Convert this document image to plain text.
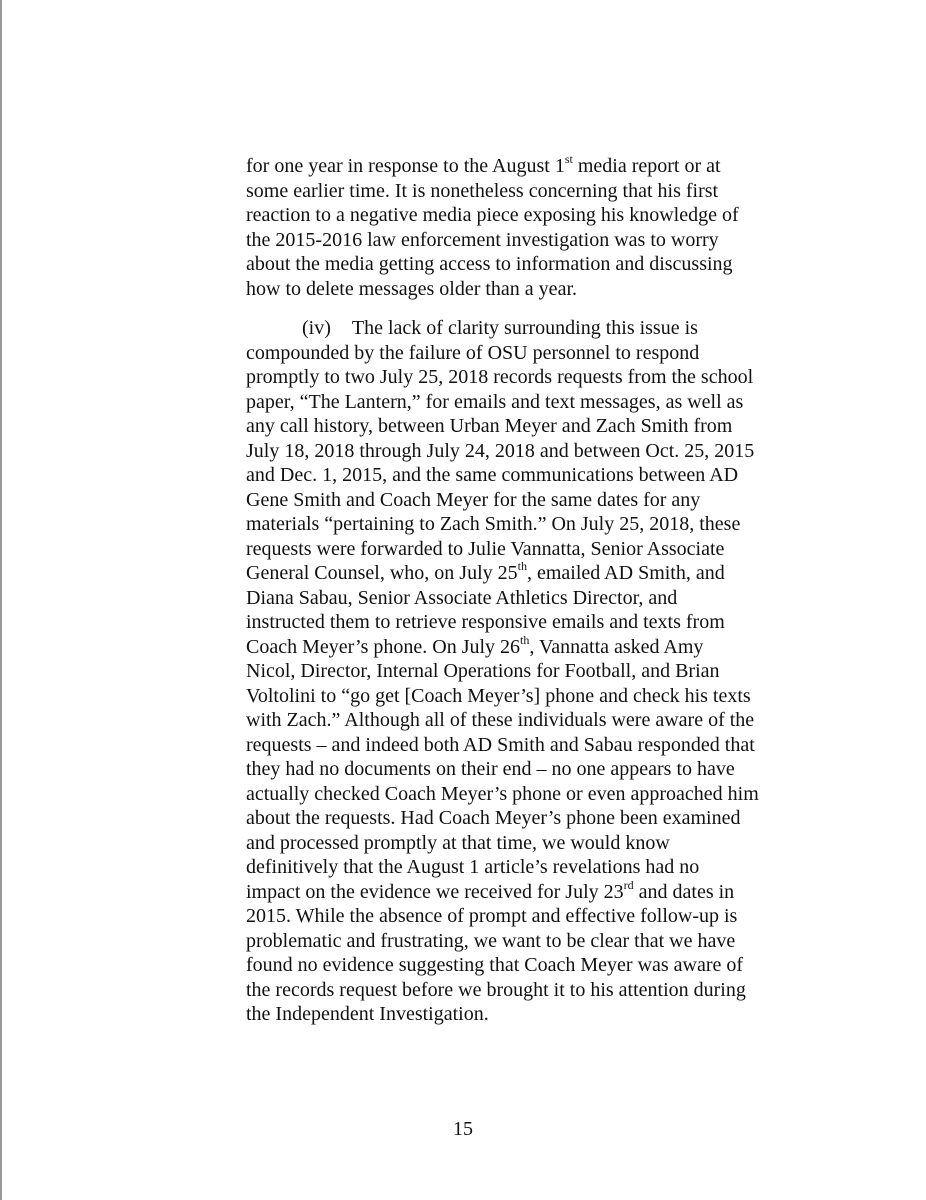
for one year in response to the August 1st media report or at
some earlier time. It is nonetheless concerning that his first
reaction to a negative media piece exposing his knowledge of
the 2015-2016 law enforcement investigation was to worry
about the media getting access to information and discussing
how to delete messages older than a year.
(iv) The lack of clarity surrounding this issue is
compounded by the failure of OSU personnel to respond
promptly to two July 25, 2018 records requests from the school
paper, “The Lantern,” for emails and text messages, as well as
any call history, between Urban Meyer and Zach Smith from
July 18, 2018 through July 24, 2018 and between Oct. 25, 2015
and Dec. 1, 2015, and the same communications between AD
Gene Smith and Coach Meyer for the same dates for any
materials “pertaining to Zach Smith.” On July 25, 2018, these
requests were forwarded to Julie Vannatta, Senior Associate
General Counsel, who, on July 25th, emailed AD Smith, and
Diana Sabau, Senior Associate Athletics Director, and
instructed them to retrieve responsive emails and texts from
Coach Meyer’s phone. On July 26th, Vannatta asked Amy
Nicol, Director, Internal Operations for Football, and Brian
Voltolini to “go get [Coach Meyer’s] phone and check his texts
with Zach.” Although all of these individuals were aware of the
requests – and indeed both AD Smith and Sabau responded that
they had no documents on their end – no one appears to have
actually checked Coach Meyer’s phone or even approached him
about the requests. Had Coach Meyer’s phone been examined
and processed promptly at that time, we would know
definitively that the August 1 article’s revelations had no
impact on the evidence we received for July 23rd and dates in
2015. While the absence of prompt and effective follow-up is
problematic and frustrating, we want to be clear that we have
found no evidence suggesting that Coach Meyer was aware of
the records request before we brought it to his attention during
the Independent Investigation.
15
